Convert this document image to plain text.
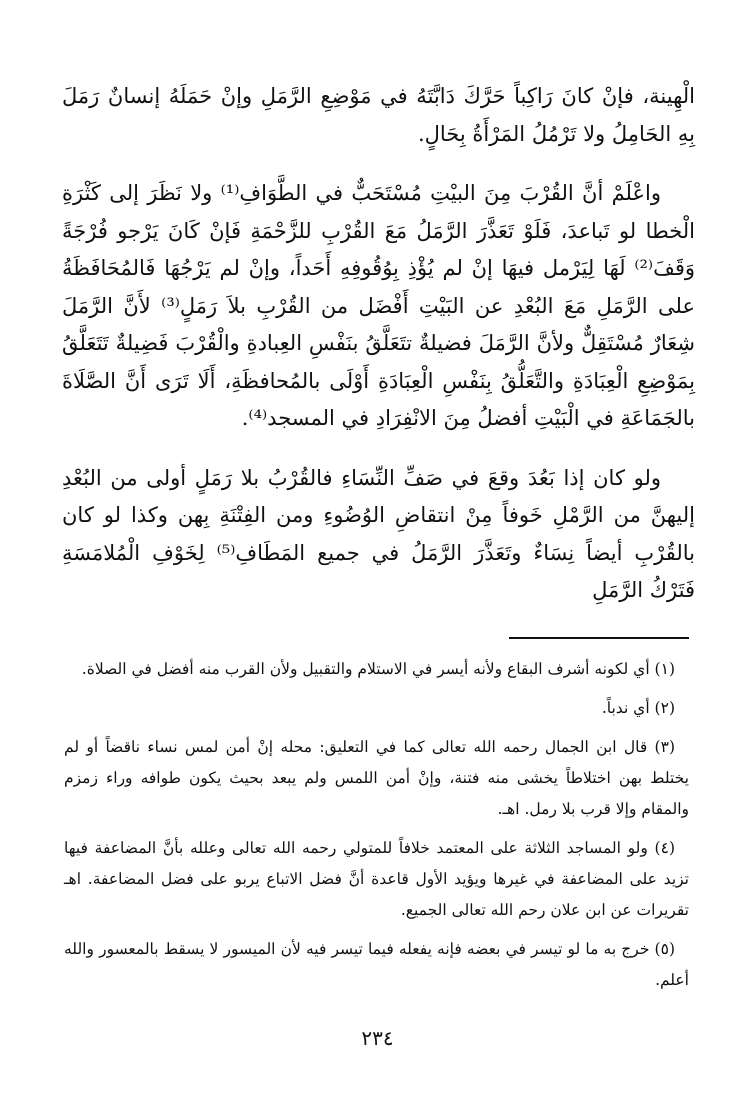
الْهِينة، فإنْ كانَ رَاكِباً حَرَّكَ دَابَّتَهُ في مَوْضِعِ الرَّمَلِ وإنْ حَمَلَهُ إنسانٌ رَمَلَ بِهِ الحَامِلُ ولا تَرْمُلُ المَرْأَةُ بِحَالٍ.

واعْلَمْ أنَّ القُرْبَ مِنَ البيْتِ مُسْتَحَبٌّ في الطَّوَافِ⁽¹⁾ ولا نَظَرَ إلى كَثْرَةِ الْخطا لو تَباعدَ، فَلَوْ تَعَذَّرَ الرَّمَلُ مَعَ القُرْبِ للزَّحْمَةِ فَإنْ كَانَ يَرْجو فُرْجَةً وَقَفَ⁽²⁾ لَهَا لِيَرْمل فيهَا إنْ لم يُؤْذِ بِوُقُوفِهِ أَحَداً، وإنْ لم يَرْجُهَا فَالمُحَافَظَةُ على الرَّمَلِ مَعَ البُعْدِ عن البَيْتِ أَفْضَل من القُرْبِ بلاَ رَمَلٍ⁽³⁾ لأَنَّ الرَّمَلَ شِعَارٌ مُسْتَقِلٌّ ولأنَّ الرَّمَلَ فضيلةٌ تتَعَلَّقُ بنَفْسِ العِبادةِ والْقُرْبَ فَضِيلةٌ تَتَعَلَّقُ بِمَوْضِعِ الْعِبَادَةِ والتَّعَلُّقُ بِنَفْسِ الْعِبَادَةِ أَوْلَى بالمُحافظَةِ، أَلَا تَرَى أَنَّ الصَّلَاةَ بالجَمَاعَةِ في الْبَيْتِ أفضلُ مِنَ الانْفِرَادِ في المسجد⁽⁴⁾.

ولو كان إذا بَعُدَ وقعَ في صَفِّ النِّسَاءِ فالقُرْبُ بلا رَمَلٍ أولى من البُعْدِ إليهنَّ من الرَّمْلِ خَوفاً مِنْ انتقاضِ الوُضُوءِ ومن الفِتْنَةِ بِهن وكذا لو كان بالقُرْبِ أيضاً نِسَاءٌ وتَعَذَّرَ الرَّمَلُ في جميع المَطَافِ⁽⁵⁾ لِخَوْفِ الْمُلامَسَةِ فَتَرْكُ الرَّمَلِ

(١) أي لكونه أشرف البقاع ولأنه أيسر في الاستلام والتقبيل ولأن القرب منه أفضل في الصلاة.

(٢) أي ندباً.

(٣) قال ابن الجمال رحمه الله تعالى كما في التعليق: محله إنْ أمن لمس نساء ناقضاً أو لم يختلط بهن اختلاطاً يخشى منه فتنة، وإنْ أمن اللمس ولم يبعد بحيث يكون طوافه وراء زمزم والمقام وإلا قرب بلا رمل. اهـ.

(٤) ولو المساجد الثلاثة على المعتمد خلافاً للمتولي رحمه الله تعالى وعلله بأنَّ المضاعفة فيها تزيد على المضاعفة في غيرها ويؤيد الأول قاعدة أنَّ فضل الاتباع يربو على فضل المضاعفة. اهـ تقريرات عن ابن علان رحم الله تعالى الجميع.

(٥) خرج به ما لو تيسر في بعضه فإنه يفعله فيما تيسر فيه لأن الميسور لا يسقط بالمعسور والله أعلم.

٢٣٤
